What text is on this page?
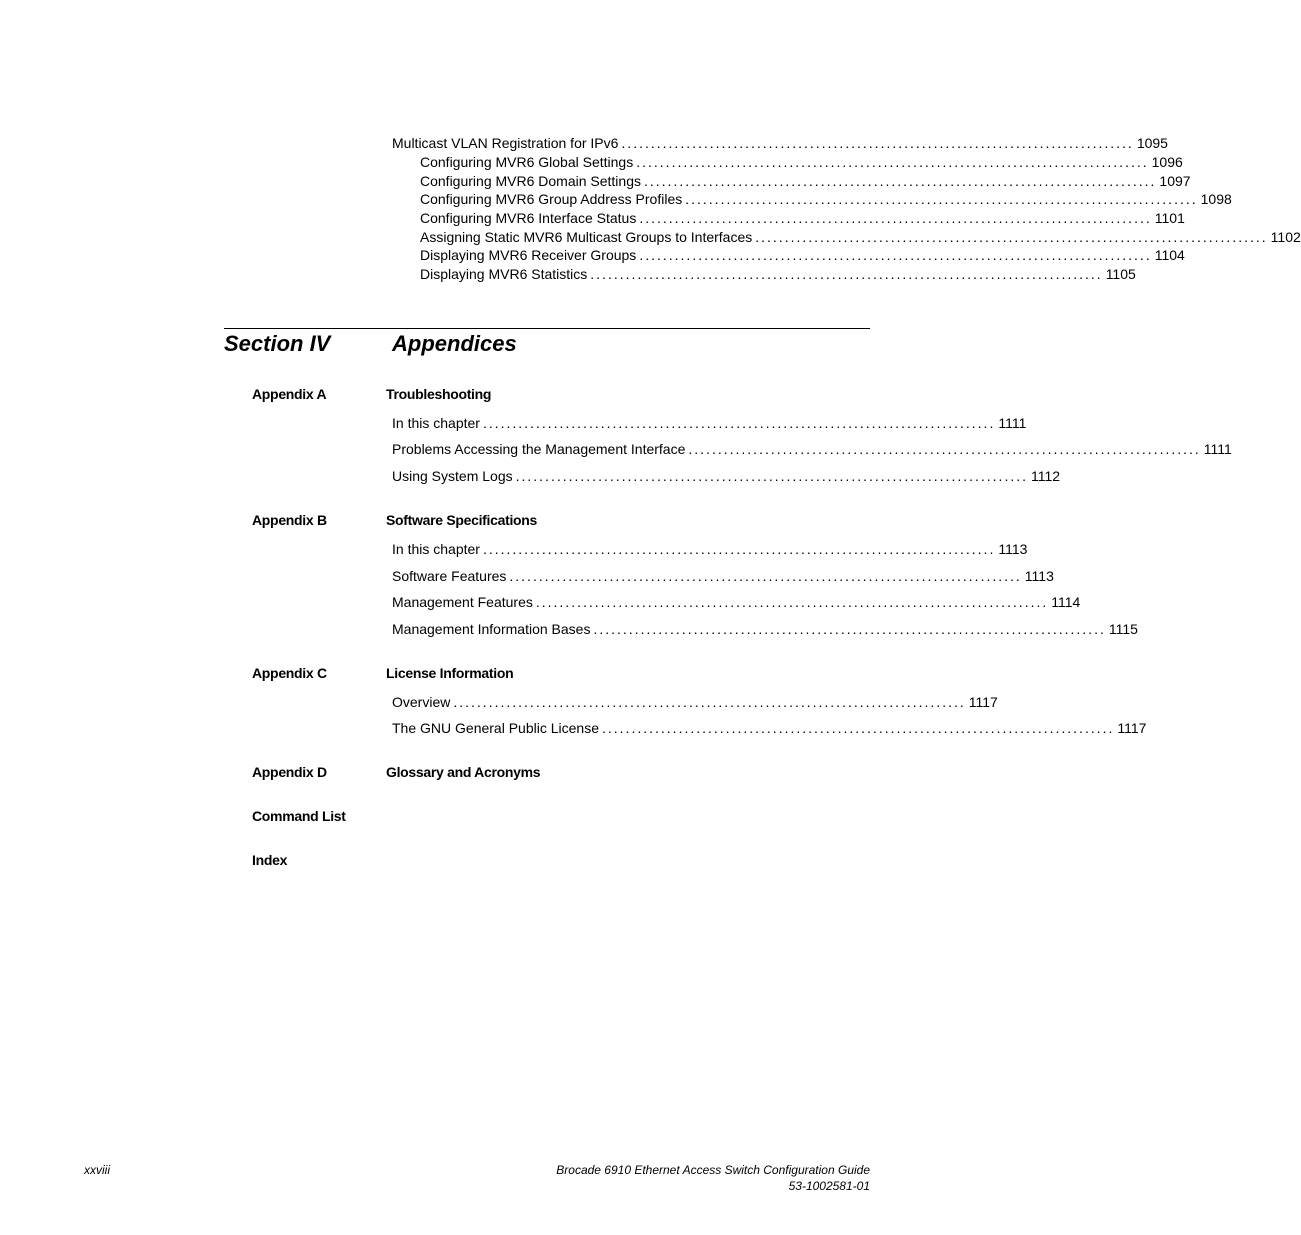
Multicast VLAN Registration for IPv6 ....................................................................................... 1095
Configuring MVR6 Global Settings ....................................................................................... 1096
Configuring MVR6 Domain Settings ....................................................................................... 1097
Configuring MVR6 Group Address Profiles ....................................................................................... 1098
Configuring MVR6 Interface Status ....................................................................................... 1101
Assigning Static MVR6 Multicast Groups to Interfaces ....................................................................................... 1102
Displaying MVR6 Receiver Groups ....................................................................................... 1104
Displaying MVR6 Statistics ....................................................................................... 1105
Section IV	Appendices
Appendix A	Troubleshooting
In this chapter ....................................................................................... 1111
Problems Accessing the Management Interface ....................................................................................... 1111
Using System Logs ....................................................................................... 1112
Appendix B	Software Specifications
In this chapter ....................................................................................... 1113
Software Features ....................................................................................... 1113
Management Features ....................................................................................... 1114
Management Information Bases ....................................................................................... 1115
Appendix C	License Information
Overview ....................................................................................... 1117
The GNU General Public License ....................................................................................... 1117
Appendix D	Glossary and Acronyms
Command List
Index
xxviii	Brocade 6910 Ethernet Access Switch Configuration Guide
53-1002581-01
